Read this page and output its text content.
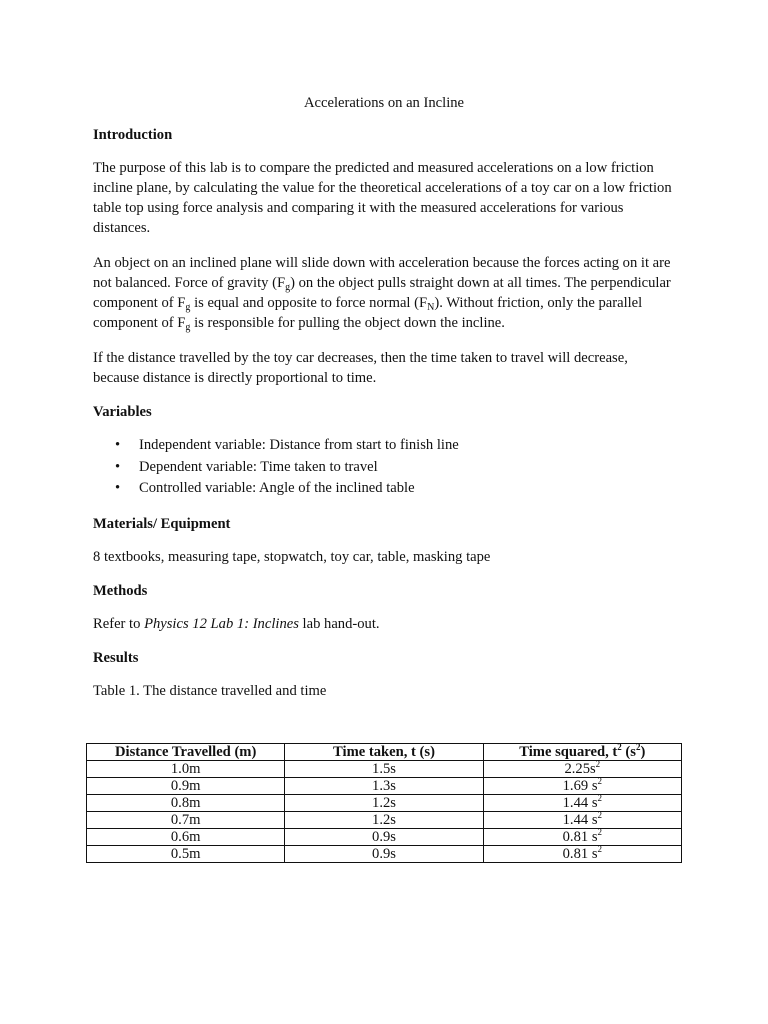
Accelerations on an Incline

Introduction

The purpose of this lab is to compare the predicted and measured accelerations on a low friction incline plane, by calculating the value for the theoretical accelerations of a toy car on a low friction table top using force analysis and comparing it with the measured accelerations for various distances.

An object on an inclined plane will slide down with acceleration because the forces acting on it are not balanced. Force of gravity $(F_g)$ on the object pulls straight down at all times. The perpendicular component of $F_g$ is equal and opposite to force normal $(F_N)$. Without friction, only the parallel component of $F_g$ is responsible for pulling the object down the incline.

If the distance travelled by the toy car decreases, then the time taken to travel will decrease, because distance is directly proportional to time.

Variables

• Independent variable: Distance from start to finish line
• Dependent variable: Time taken to travel
• Controlled variable: Angle of the inclined table

Materials/ Equipment

8 textbooks, measuring tape, stopwatch, toy car, table, masking tape

Methods

Refer to Physics 12 Lab 1: Inclines lab hand-out.

Results

Table 1. The distance travelled and time

Distance Travelled (m)	Time taken, t (s)	Time squared, $t^2$ $(s^2)$
1.0m	1.5s	$2.25s^2$
0.9m	1.3s	1.69 $s^2$
0.8m	1.2s	1.44 $s^2$
0.7m	1.2s	1.44 $s^2$
0.6m	0.9s	0.81 $s^2$
0.5m	0.9s	0.81 $s^2$
